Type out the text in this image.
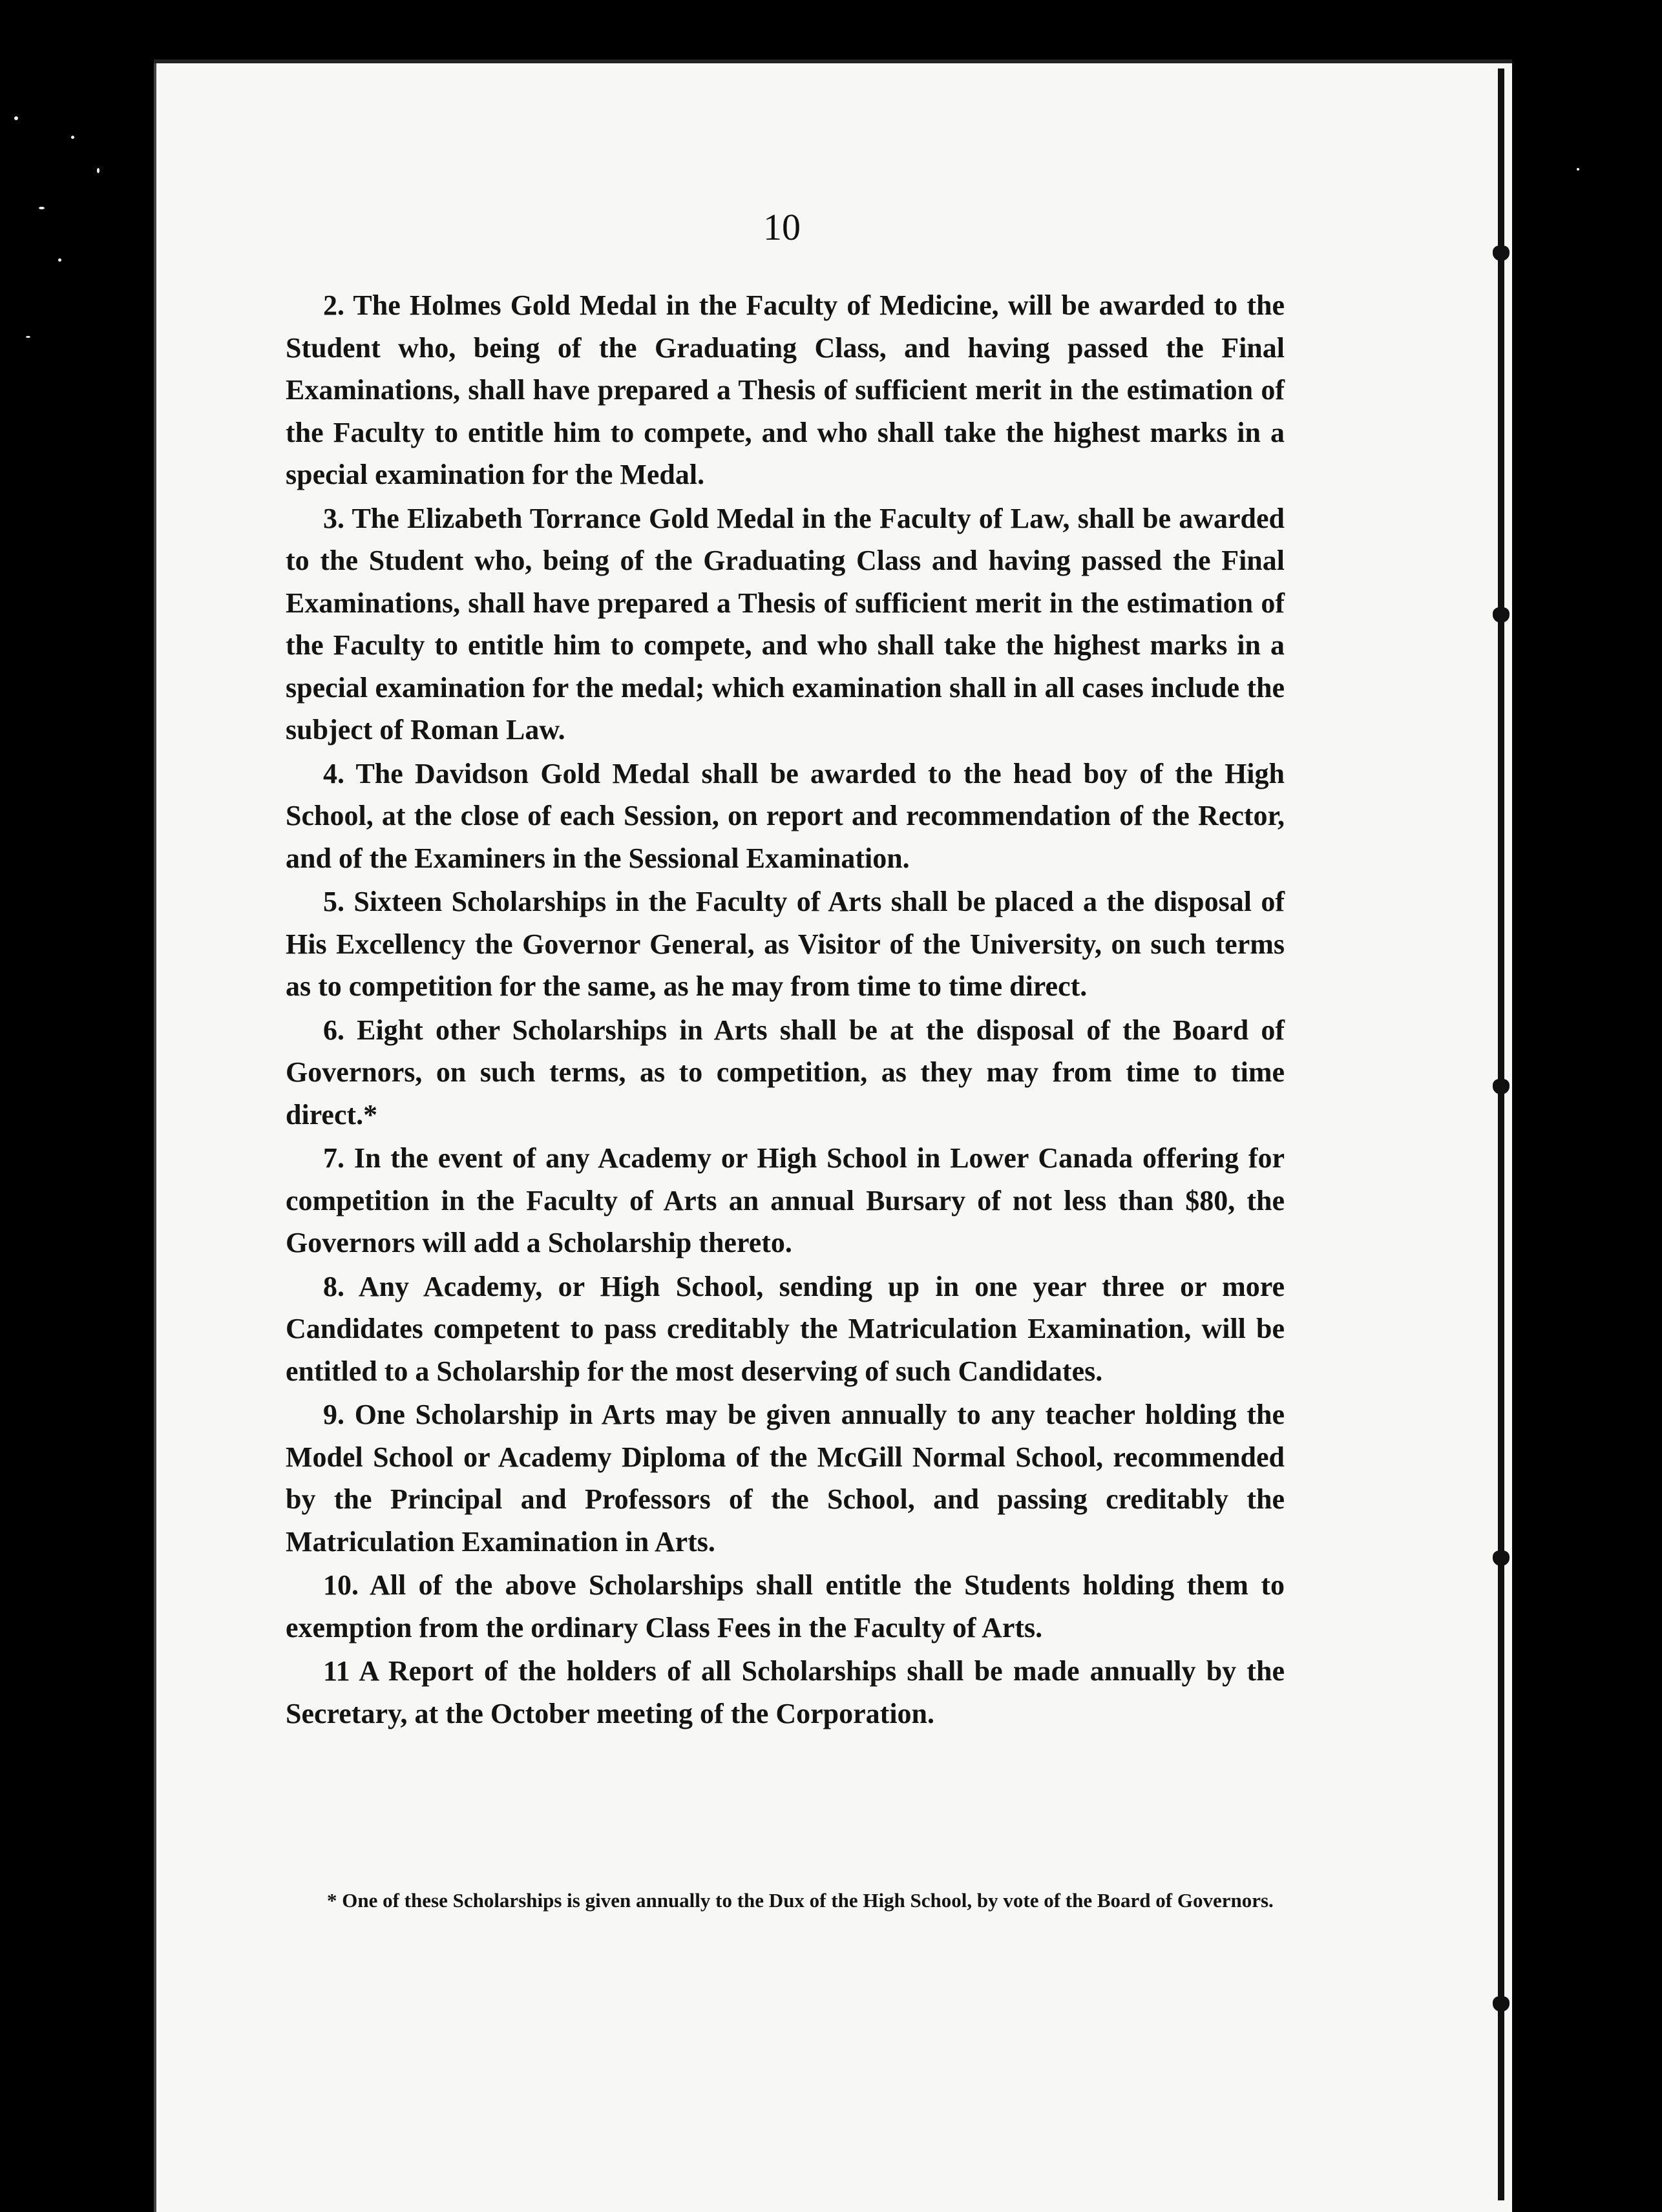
10

2. The Holmes Gold Medal in the Faculty of Medicine, will be awarded to the Student who, being of the Graduating Class, and having passed the Final Examinations, shall have prepared a Thesis of sufficient merit in the estimation of the Faculty to entitle him to compete, and who shall take the highest marks in a special examination for the Medal.

3. The Elizabeth Torrance Gold Medal in the Faculty of Law, shall be awarded to the Student who, being of the Graduating Class and having passed the Final Examinations, shall have prepared a Thesis of sufficient merit in the estimation of the Faculty to entitle him to compete, and who shall take the highest marks in a special examination for the medal; which examination shall in all cases include the subject of Roman Law.

4. The Davidson Gold Medal shall be awarded to the head boy of the High School, at the close of each Session, on report and recommendation of the Rector, and of the Examiners in the Sessional Examination.

5. Sixteen Scholarships in the Faculty of Arts shall be placed a the disposal of His Excellency the Governor General, as Visitor of the University, on such terms as to competition for the same, as he may from time to time direct.

6. Eight other Scholarships in Arts shall be at the disposal of the Board of Governors, on such terms, as to competition, as they may from time to time direct.*

7. In the event of any Academy or High School in Lower Canada offering for competition in the Faculty of Arts an annual Bursary of not less than $80, the Governors will add a Scholarship thereto.

8. Any Academy, or High School, sending up in one year three or more Candidates competent to pass creditably the Matriculation Examination, will be entitled to a Scholarship for the most deserving of such Candidates.

9. One Scholarship in Arts may be given annually to any teacher holding the Model School or Academy Diploma of the McGill Normal School, recommended by the Principal and Professors of the School, and passing creditably the Matriculation Examination in Arts.

10. All of the above Scholarships shall entitle the Students holding them to exemption from the ordinary Class Fees in the Faculty of Arts.

11 A Report of the holders of all Scholarships shall be made annually by the Secretary, at the October meeting of the Corporation.

* One of these Scholarships is given annually to the Dux of the High School, by vote of the Board of Governors.
